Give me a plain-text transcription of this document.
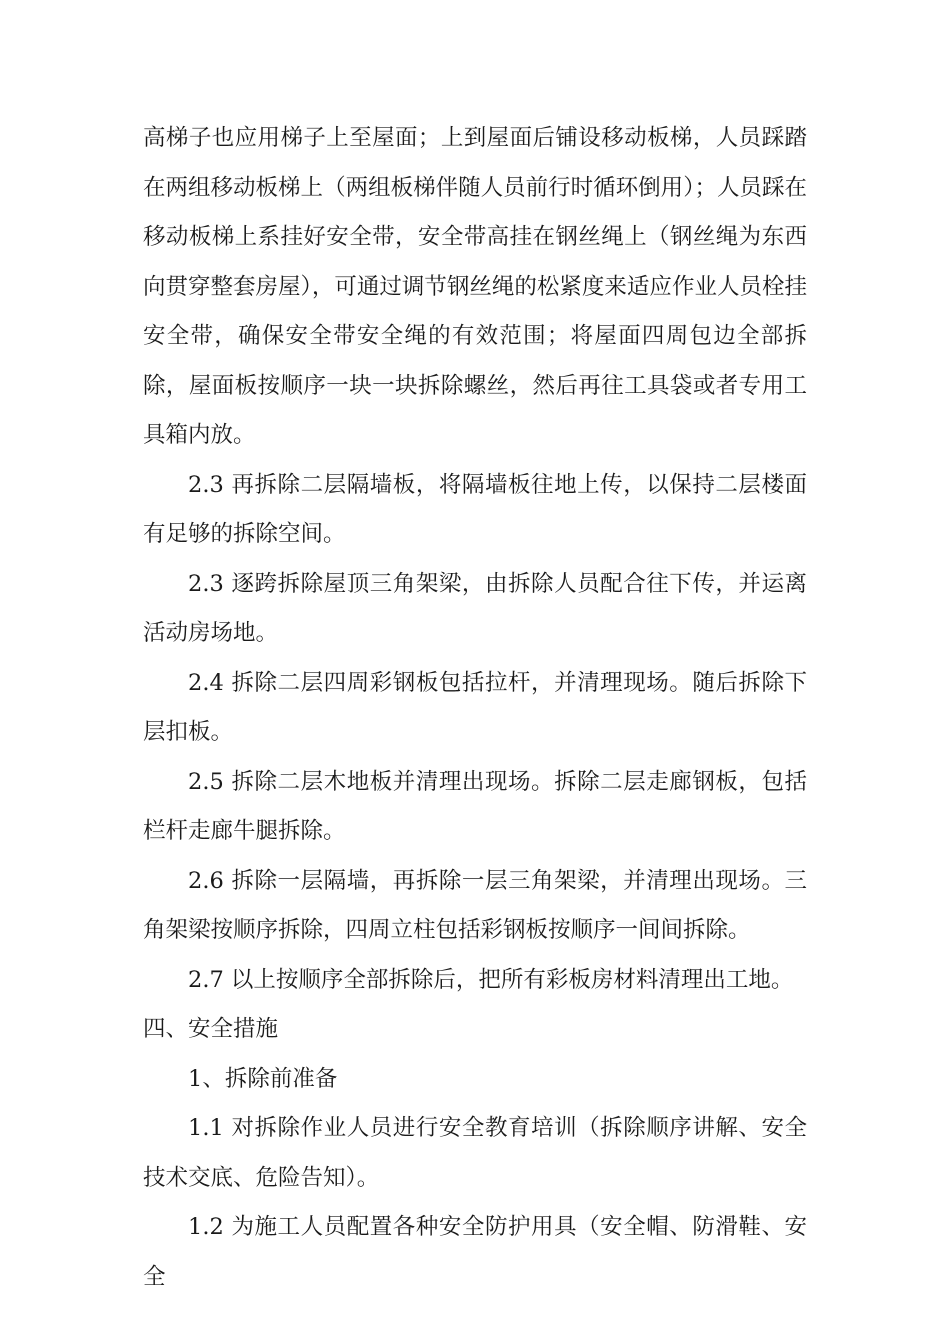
高梯子也应用梯子上至屋面；上到屋面后铺设移动板梯，人员踩踏在两组移动板梯上（两组板梯伴随人员前行时循环倒用）；人员踩在移动板梯上系挂好安全带，安全带高挂在钢丝绳上（钢丝绳为东西向贯穿整套房屋），可通过调节钢丝绳的松紧度来适应作业人员栓挂安全带，确保安全带安全绳的有效范围；将屋面四周包边全部拆除，屋面板按顺序一块一块拆除螺丝，然后再往工具袋或者专用工具箱内放。

2.3 再拆除二层隔墙板，将隔墙板往地上传，以保持二层楼面有足够的拆除空间。

2.3 逐跨拆除屋顶三角架梁，由拆除人员配合往下传，并运离活动房场地。

2.4 拆除二层四周彩钢板包括拉杆，并清理现场。随后拆除下层扣板。

2.5 拆除二层木地板并清理出现场。拆除二层走廊钢板，包括栏杆走廊牛腿拆除。

2.6 拆除一层隔墙，再拆除一层三角架梁，并清理出现场。三角架梁按顺序拆除，四周立柱包括彩钢板按顺序一间间拆除。

2.7 以上按顺序全部拆除后，把所有彩板房材料清理出工地。

四、安全措施

1、拆除前准备

1.1 对拆除作业人员进行安全教育培训（拆除顺序讲解、安全技术交底、危险告知）。

1.2 为施工人员配置各种安全防护用具（安全帽、防滑鞋、安全
